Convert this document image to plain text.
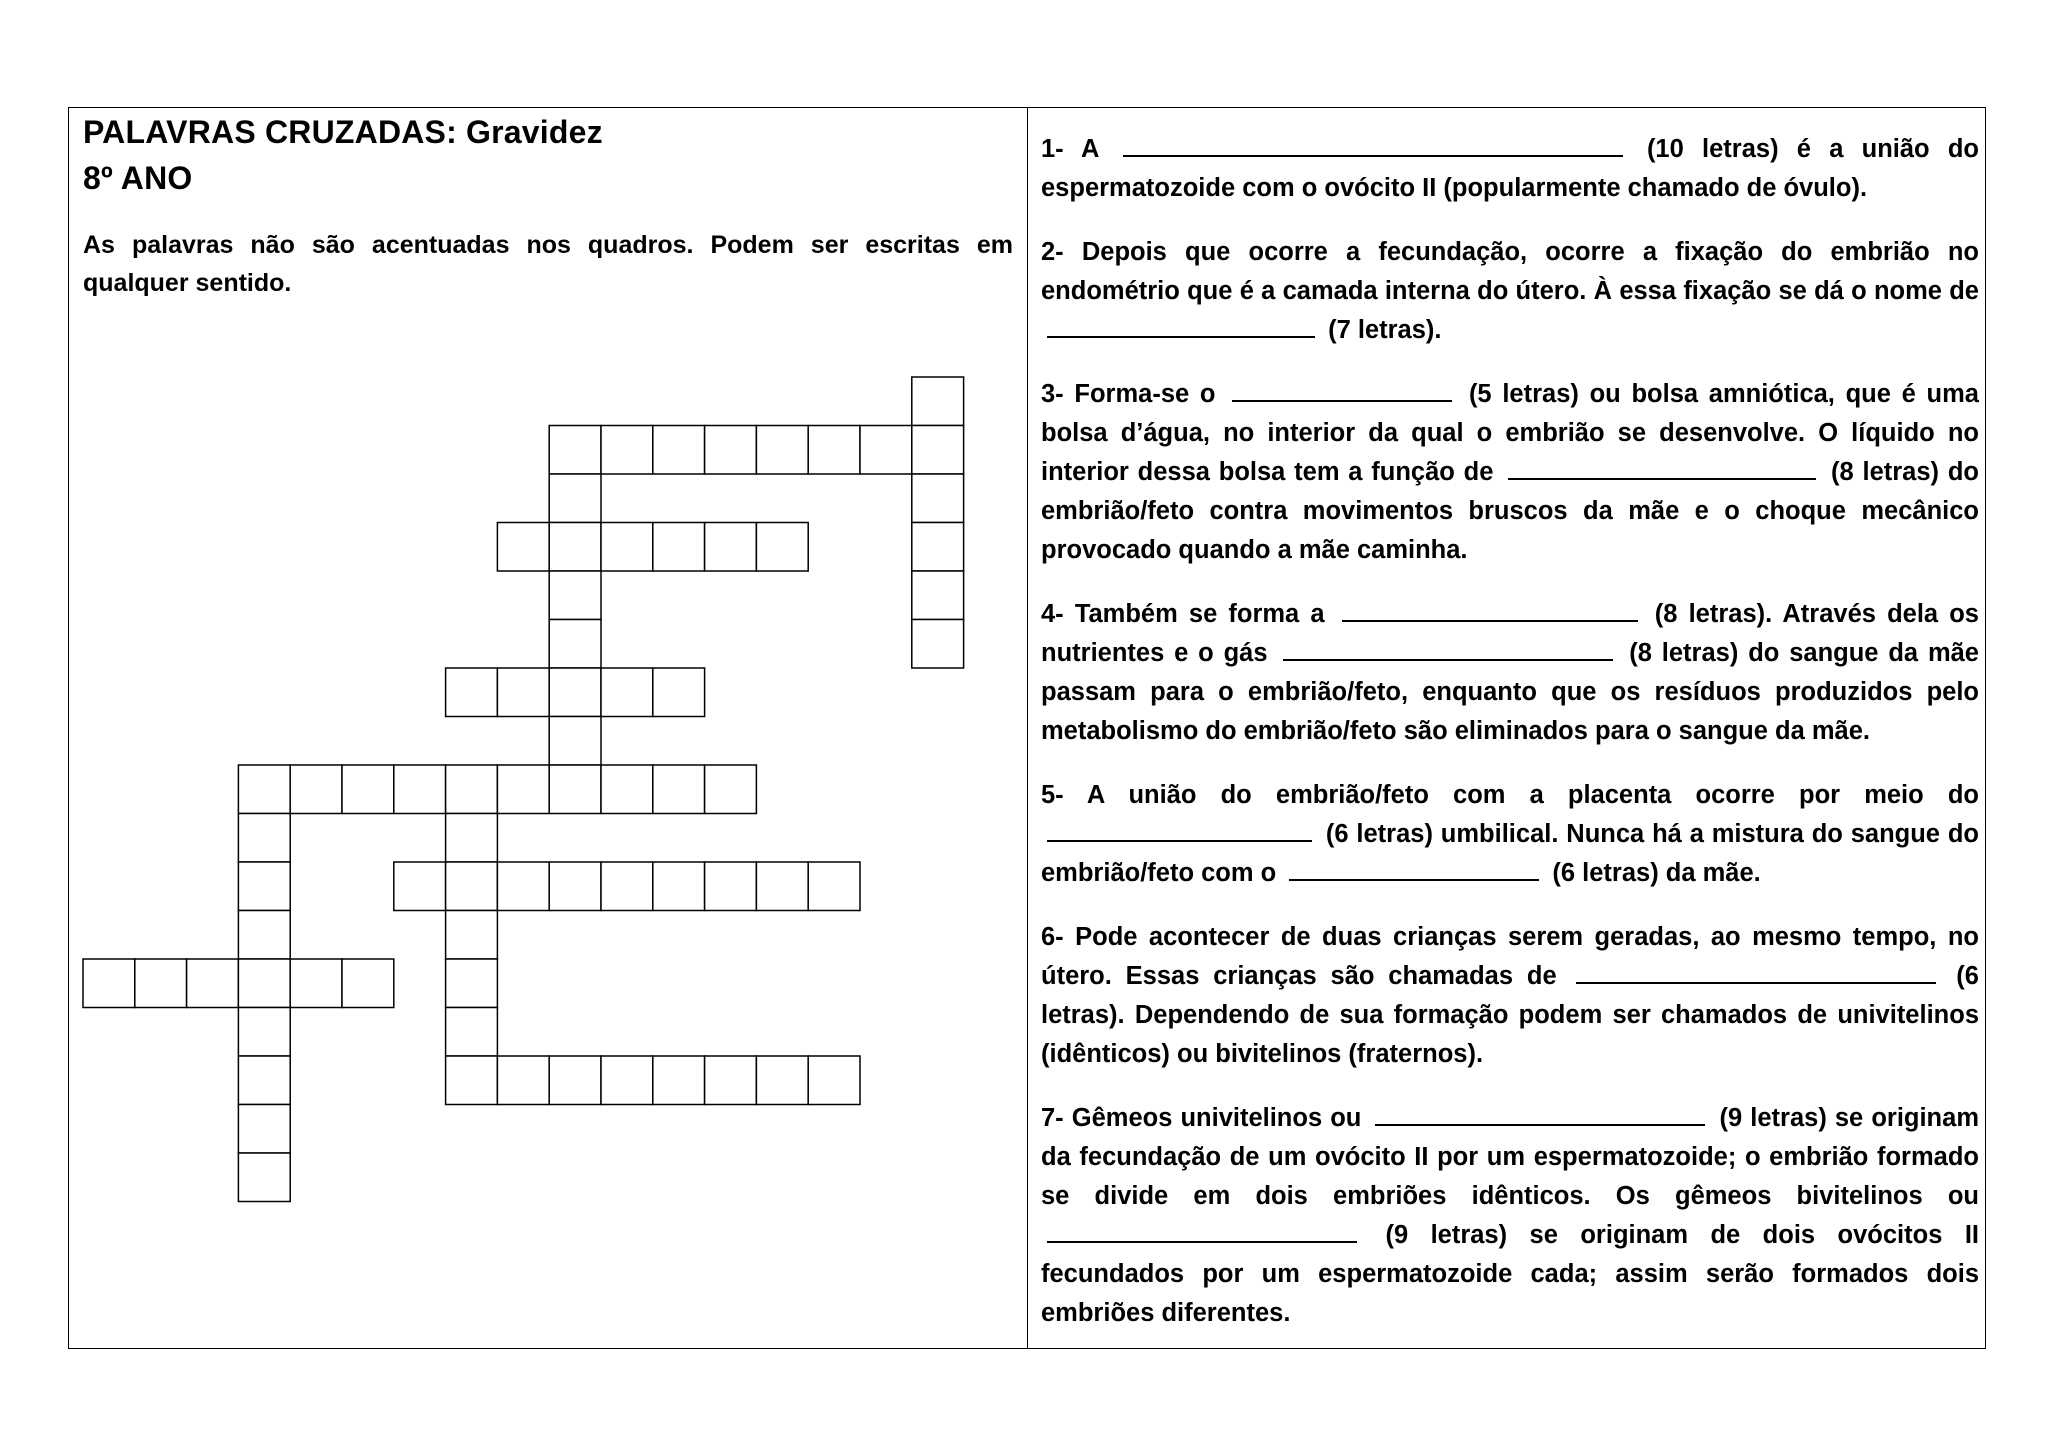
PALAVRAS CRUZADAS: Gravidez
8º ANO
As palavras não são acentuadas nos quadros. Podem ser escritas em qualquer sentido.

1- A	(10 letras) é a união do espermatozoide com o ovócito II (popularmente chamado de óvulo).

2- Depois que ocorre a fecundação, ocorre a fixação do embrião no endométrio que é a camada interna do útero. À essa fixação se dá o nome de  (7 letras).

3- Forma-se o	(5 letras) ou bolsa amniótica, que é uma bolsa d’água, no interior da qual o embrião se desenvolve. O líquido no interior dessa bolsa tem a função de	(8 letras) do embrião/feto contra movimentos bruscos da mãe e o choque mecânico provocado quando a mãe caminha.

4- Também se forma a	(8 letras). Através dela os nutrientes e o gás	(8 letras) do sangue da mãe passam para o embrião/feto, enquanto que os resíduos produzidos pelo metabolismo do embrião/feto são eliminados para o sangue da mãe.

5- A união do embrião/feto com a placenta ocorre por meio do  (6 letras) umbilical. Nunca há a mistura do sangue do embrião/feto com o	(6 letras) da mãe.

6- Pode acontecer de duas crianças serem geradas, ao mesmo tempo, no útero. Essas crianças são chamadas de	(6 letras). Dependendo de sua formação podem ser chamados de univitelinos (idênticos) ou bivitelinos (fraternos).

7- Gêmeos univitelinos ou	(9 letras) se originam da fecundação de um ovócito II por um espermatozoide; o embrião formado se divide em dois embriões idênticos. Os gêmeos bivitelinos ou  (9 letras) se originam de dois ovócitos II fecundados por um espermatozoide cada; assim serão formados dois embriões diferentes.
